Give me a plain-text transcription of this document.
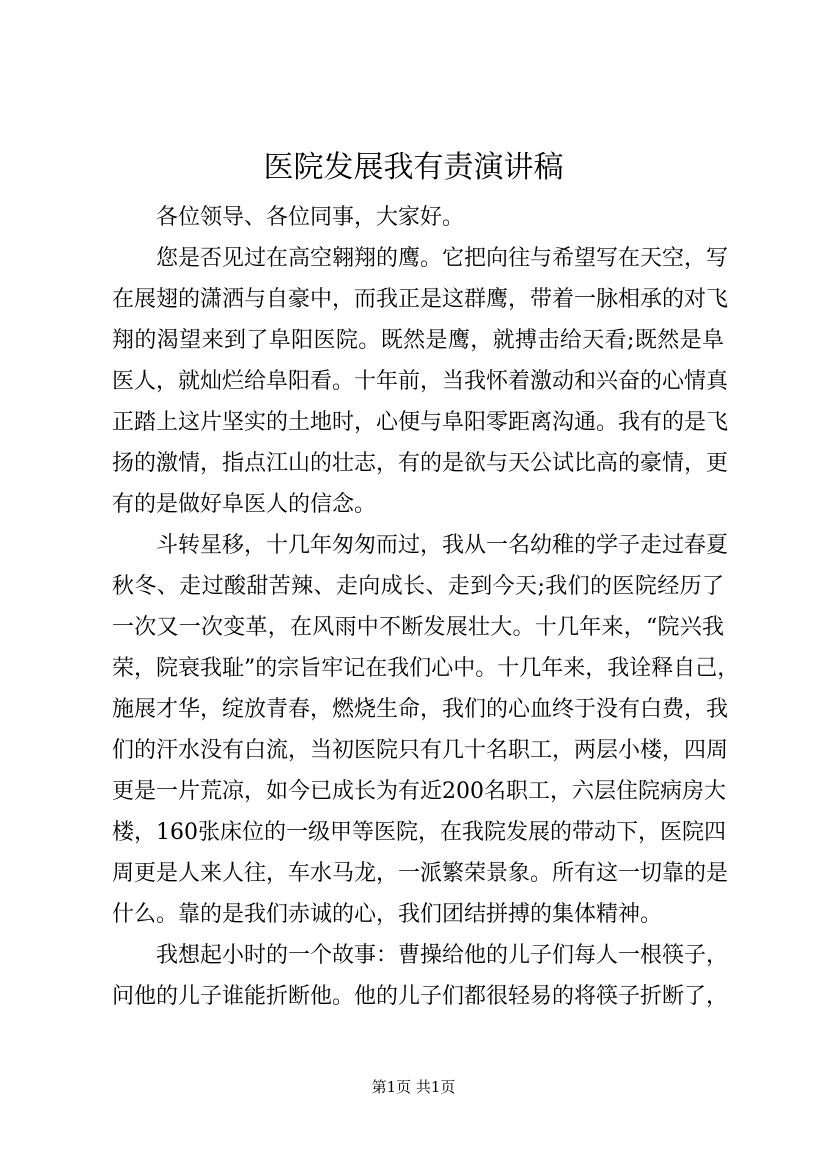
医院发展我有责演讲稿
各位领导、各位同事，大家好。
您是否见过在高空翱翔的鹰。它把向往与希望写在天空，写
在展翅的潇洒与自豪中，而我正是这群鹰，带着一脉相承的对飞
翔的渴望来到了阜阳医院。既然是鹰，就搏击给天看;既然是阜
医人，就灿烂给阜阳看。十年前，当我怀着激动和兴奋的心情真
正踏上这片坚实的土地时，心便与阜阳零距离沟通。我有的是飞
扬的激情，指点江山的壮志，有的是欲与天公试比高的豪情，更
有的是做好阜医人的信念。
斗转星移，十几年匆匆而过，我从一名幼稚的学子走过春夏
秋冬、走过酸甜苦辣、走向成长、走到今天;我们的医院经历了
一次又一次变革，在风雨中不断发展壮大。十几年来，“院兴我
荣，院衰我耻”的宗旨牢记在我们心中。十几年来，我诠释自己，
施展才华，绽放青春，燃烧生命，我们的心血终于没有白费，我
们的汗水没有白流，当初医院只有几十名职工，两层小楼，四周
更是一片荒凉，如今已成长为有近200名职工，六层住院病房大
楼，160张床位的一级甲等医院，在我院发展的带动下，医院四
周更是人来人往，车水马龙，一派繁荣景象。所有这一切靠的是
什么。靠的是我们赤诚的心，我们团结拼搏的集体精神。
我想起小时的一个故事：曹操给他的儿子们每人一根筷子，
问他的儿子谁能折断他。他的儿子们都很轻易的将筷子折断了，
第1页 共1页
